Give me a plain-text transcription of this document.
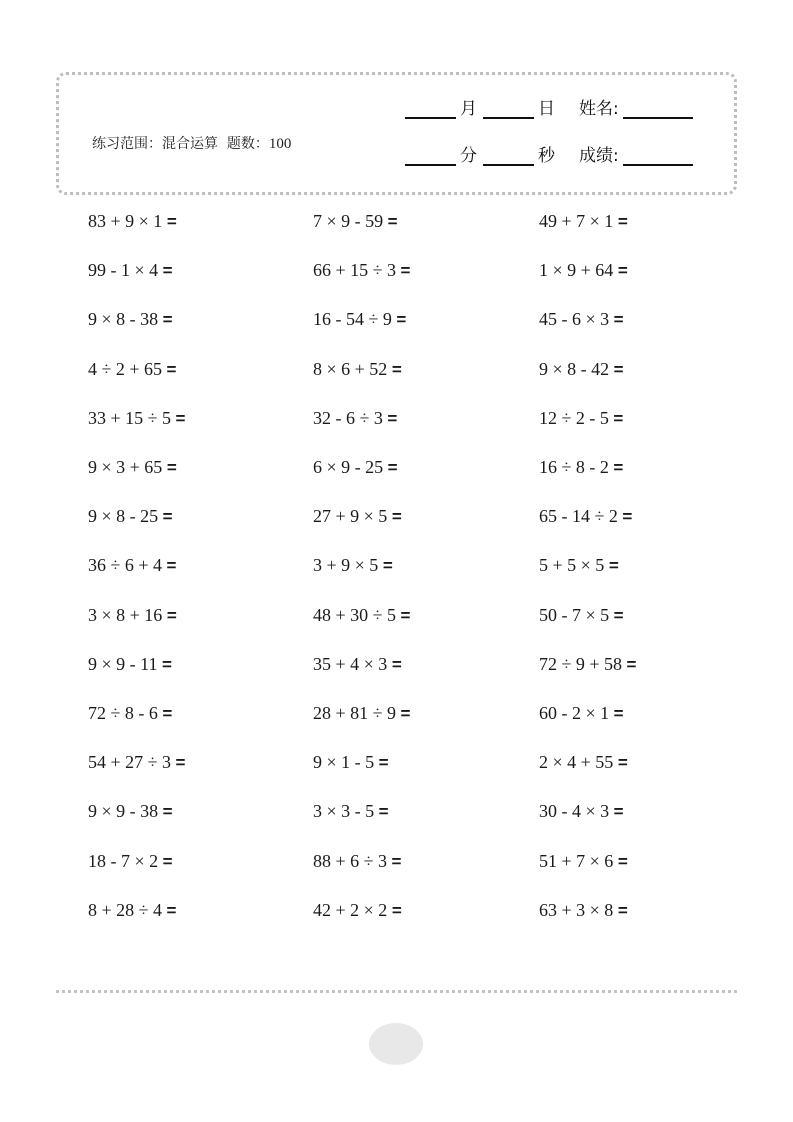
练习范围：混合运算 题数：100
月	日 姓名:
分	秒 成绩:
83 + 9 × 1 =
99 - 1 × 4 =
9 × 8 - 38 =
4 ÷ 2 + 65 =
33 + 15 ÷ 5 =
9 × 3 + 65 =
9 × 8 - 25 =
36 ÷ 6 + 4 =
3 × 8 + 16 =
9 × 9 - 11 =
72 ÷ 8 - 6 =
54 + 27 ÷ 3 =
9 × 9 - 38 =
18 - 7 × 2 =
8 + 28 ÷ 4 =
7 × 9 - 59 =
66 + 15 ÷ 3 =
16 - 54 ÷ 9 =
8 × 6 + 52 =
32 - 6 ÷ 3 =
6 × 9 - 25 =
27 + 9 × 5 =
3 + 9 × 5 =
48 + 30 ÷ 5 =
35 + 4 × 3 =
28 + 81 ÷ 9 =
9 × 1 - 5 =
3 × 3 - 5 =
88 + 6 ÷ 3 =
42 + 2 × 2 =
49 + 7 × 1 =
1 × 9 + 64 =
45 - 6 × 3 =
9 × 8 - 42 =
12 ÷ 2 - 5 =
16 ÷ 8 - 2 =
65 - 14 ÷ 2 =
5 + 5 × 5 =
50 - 7 × 5 =
72 ÷ 9 + 58 =
60 - 2 × 1 =
2 × 4 + 55 =
30 - 4 × 3 =
51 + 7 × 6 =
63 + 3 × 8 =
